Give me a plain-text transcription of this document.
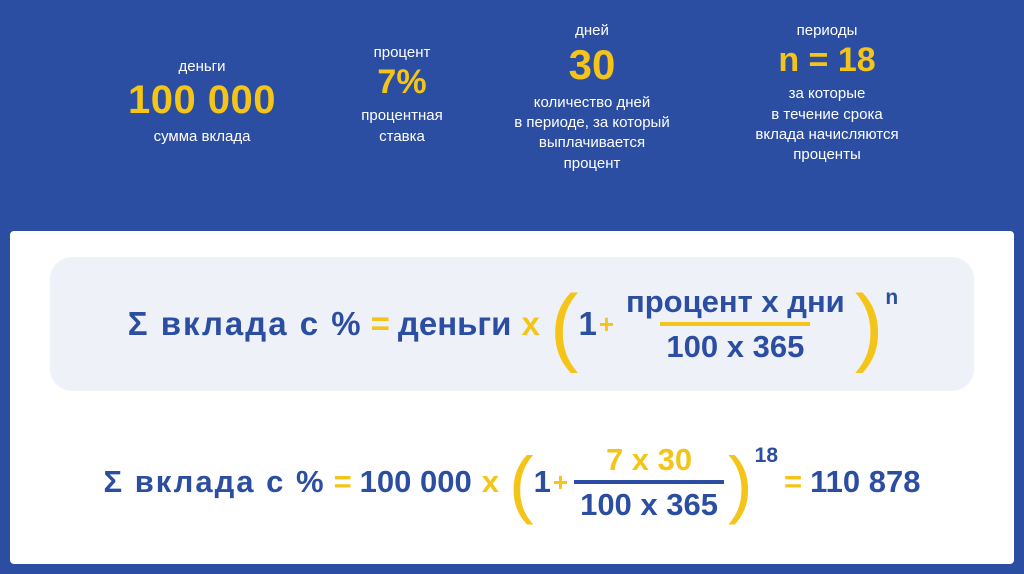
деньги
100 000
сумма вклада
процент
7%
процентная
ставка
дней
30
количество дней
в периоде, за который
выплачивается
процент
периоды
n = 18
за которые
в течение срока
вклада начисляются
проценты
Σ вклада с % = деньги x ( $1 + \frac{\text{процент x дни}}{100 x 365}$ ) n
Σ вклада с % = 100 000 x ( $1 + \frac{7 x 30}{100 x 365}$ ) 18
= 110 878
